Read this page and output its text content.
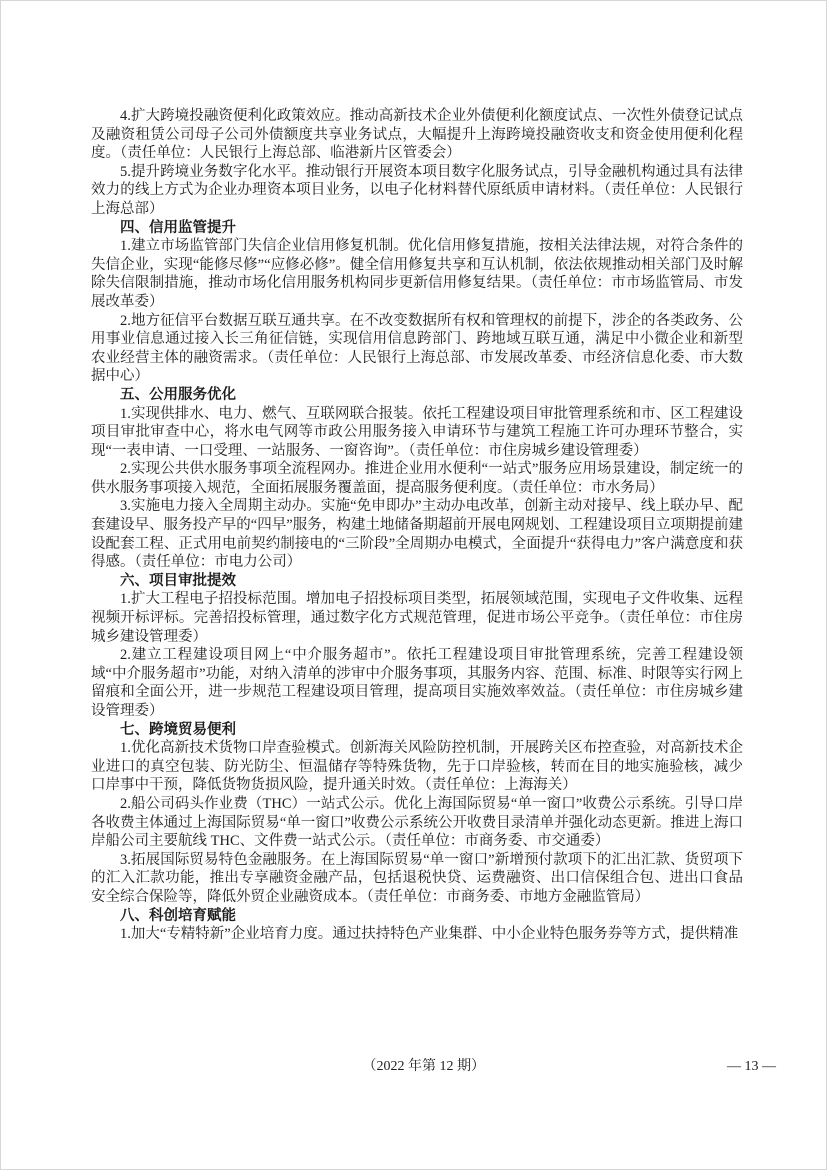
4.扩大跨境投融资便利化政策效应。推动高新技术企业外债便利化额度试点、一次性外债登记试点及融资租赁公司母子公司外债额度共享业务试点，大幅提升上海跨境投融资收支和资金使用便利化程度。（责任单位：人民银行上海总部、临港新片区管委会）

5.提升跨境业务数字化水平。推动银行开展资本项目数字化服务试点，引导金融机构通过具有法律效力的线上方式为企业办理资本项目业务，以电子化材料替代原纸质申请材料。（责任单位：人民银行上海总部）

四、信用监管提升

1.建立市场监管部门失信企业信用修复机制。优化信用修复措施，按相关法律法规，对符合条件的失信企业，实现“能修尽修”“应修必修”。健全信用修复共享和互认机制，依法依规推动相关部门及时解除失信限制措施，推动市场化信用服务机构同步更新信用修复结果。（责任单位：市市场监管局、市发展改革委）

2.地方征信平台数据互联互通共享。在不改变数据所有权和管理权的前提下，涉企的各类政务、公用事业信息通过接入长三角征信链，实现信用信息跨部门、跨地域互联互通，满足中小微企业和新型农业经营主体的融资需求。（责任单位：人民银行上海总部、市发展改革委、市经济信息化委、市大数据中心）

五、公用服务优化

1.实现供排水、电力、燃气、互联网联合报装。依托工程建设项目审批管理系统和市、区工程建设项目审批审查中心，将水电气网等市政公用服务接入申请环节与建筑工程施工许可办理环节整合，实现“一表申请、一口受理、一站服务、一窗咨询”。（责任单位：市住房城乡建设管理委）

2.实现公共供水服务事项全流程网办。推进企业用水便利“一站式”服务应用场景建设，制定统一的供水服务事项接入规范，全面拓展服务覆盖面，提高服务便利度。（责任单位：市水务局）

3.实施电力接入全周期主动办。实施“免申即办”主动办电改革，创新主动对接早、线上联办早、配套建设早、服务投产早的“四早”服务，构建土地储备期超前开展电网规划、工程建设项目立项期提前建设配套工程、正式用电前契约制接电的“三阶段”全周期办电模式，全面提升“获得电力”客户满意度和获得感。（责任单位：市电力公司）

六、项目审批提效

1.扩大工程电子招投标范围。增加电子招投标项目类型，拓展领域范围，实现电子文件收集、远程视频开标评标。完善招投标管理，通过数字化方式规范管理，促进市场公平竞争。（责任单位：市住房城乡建设管理委）

2.建立工程建设项目网上“中介服务超市”。依托工程建设项目审批管理系统，完善工程建设领域“中介服务超市”功能，对纳入清单的涉审中介服务事项，其服务内容、范围、标准、时限等实行网上留痕和全面公开，进一步规范工程建设项目管理，提高项目实施效率效益。（责任单位：市住房城乡建设管理委）

七、跨境贸易便利

1.优化高新技术货物口岸查验模式。创新海关风险防控机制，开展跨关区布控查验，对高新技术企业进口的真空包装、防光防尘、恒温储存等特殊货物，先于口岸验核，转而在目的地实施验核，减少口岸事中干预，降低货物货损风险，提升通关时效。（责任单位：上海海关）

2.船公司码头作业费（THC）一站式公示。优化上海国际贸易“单一窗口”收费公示系统。引导口岸各收费主体通过上海国际贸易“单一窗口”收费公示系统公开收费目录清单并强化动态更新。推进上海口岸船公司主要航线 THC、文件费一站式公示。（责任单位：市商务委、市交通委）

3.拓展国际贸易特色金融服务。在上海国际贸易“单一窗口”新增预付款项下的汇出汇款、货贸项下的汇入汇款功能，推出专享融资金融产品，包括退税快贷、运费融资、出口信保组合包、进出口食品安全综合保险等，降低外贸企业融资成本。（责任单位：市商务委、市地方金融监管局）

八、科创培育赋能

1.加大“专精特新”企业培育力度。通过扶持特色产业集群、中小企业特色服务券等方式，提供精准

（2022 年第 12 期）	— 13 —
